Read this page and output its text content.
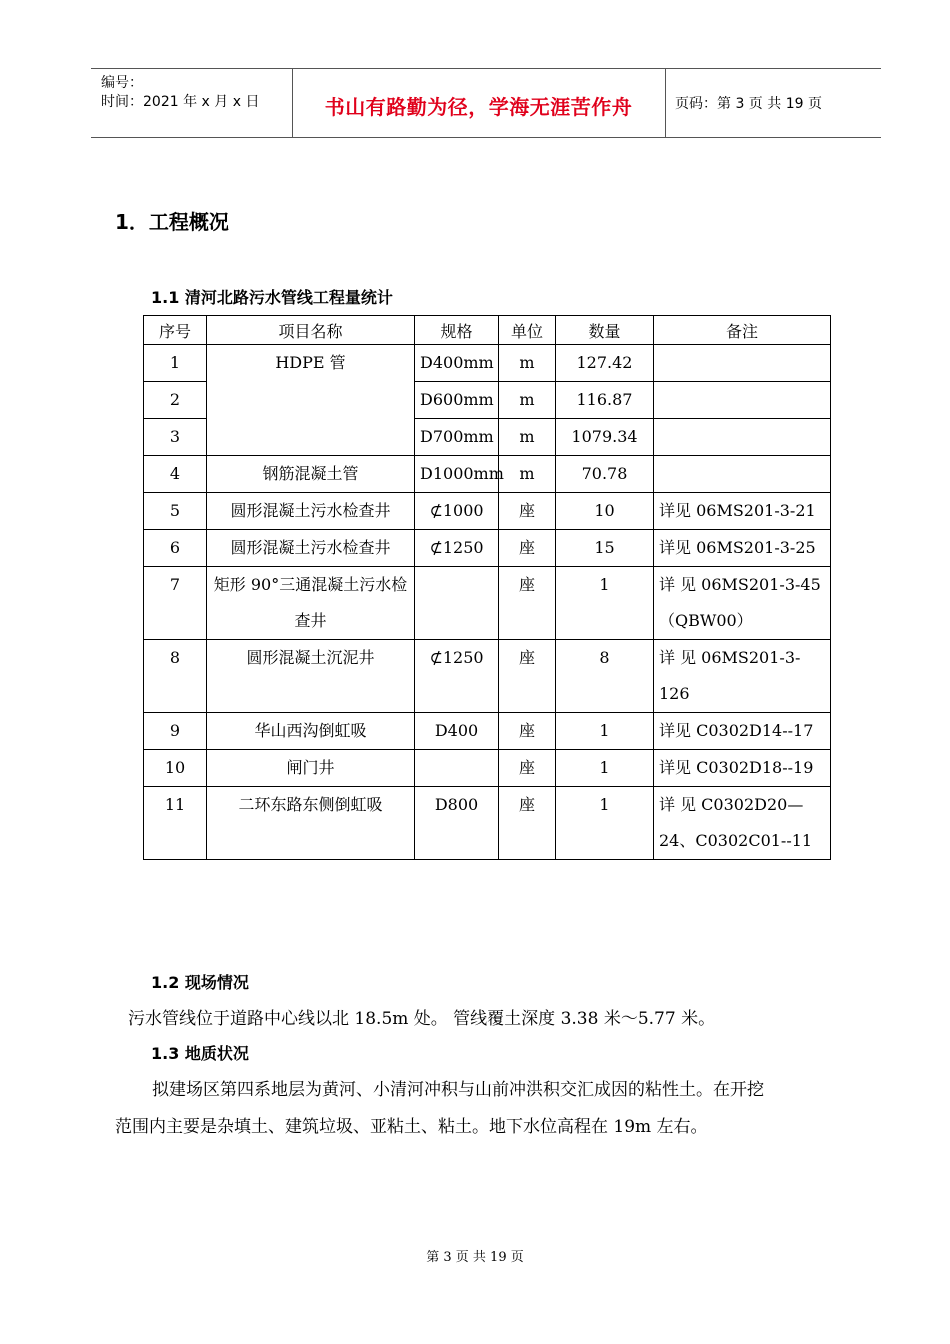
编号：
时间：2021 年 x 月 x 日	书山有路勤为径，学海无涯苦作舟	页码：第 3 页 共 19 页
1．工程概况
1.1 清河北路污水管线工程量统计
序号	项目名称	规格	单位	数量	备注
1	HDPE 管	D400mm	m	127.42	
2		D600mm	m	116.87	
3		D700mm	m	1079.34	
4	钢筋混凝土管	D1000mm	m	70.78	
5	圆形混凝土污水检查井	⊄1000	座	10	详见 06MS201-3-21
6	圆形混凝土污水检查井	⊄1250	座	15	详见 06MS201-3-25
7	矩形 90°三通混凝土污水检查井		座	1	详 见 06MS201-3-45（QBW00）
8	圆形混凝土沉泥井	⊄1250	座	8	详 见 06MS201-3-126
9	华山西沟倒虹吸	D400	座	1	详见 C0302D14--17
10	闸门井		座	1	详见 C0302D18--19
11	二环东路东侧倒虹吸	D800	座	1	详 见 C0302D20—24、C0302C01--11
1.2 现场情况
污水管线位于道路中心线以北 18.5m 处。 管线覆土深度 3.38 米～5.77 米。
1.3 地质状况
拟建场区第四系地层为黄河、小清河冲积与山前冲洪积交汇成因的粘性土。在开挖
范围内主要是杂填土、建筑垃圾、亚粘土、粘土。地下水位高程在 19m 左右。
第 3 页 共 19 页
